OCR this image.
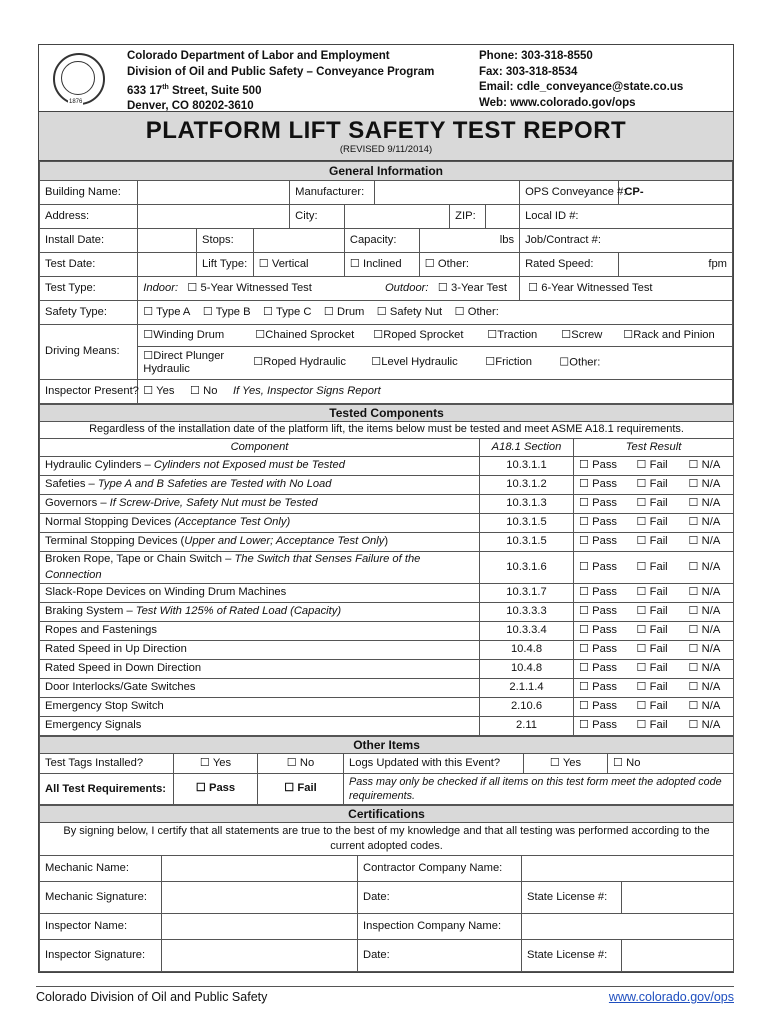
1876
Colorado Department of Labor and Employment
Division of Oil and Public Safety – Conveyance Program
633 17th Street, Suite 500
Denver, CO 80202-3610
Phone: 303-318-8550
Fax: 303-318-8534
Email: cdle_conveyance@state.co.us
Web: www.colorado.gov/ops
PLATFORM LIFT SAFETY TEST REPORT
(REVISED 9/11/2014)
General Information											
Building Name:				Manufacturer:						OPS Conveyance #:	CP-
Address:				City:				ZIP:		Local ID #:	
Install Date:		Stops:			Capacity:		lbs			Job/Contract #:	
Test Date:		Lift Type:	☐ Vertical		☐ Inclined		☐ Other:			Rated Speed:	fpm
Test Type:	Indoor: ☐ 5-Year Witnessed Test Outdoor: ☐ 3-Year Test ☐ 6-Year Witnessed Test										
Safety Type:	☐ Type A ☐ Type B ☐ Type C ☐ Drum ☐ Safety Nut ☐ Other:										
Driving Means:	☐Winding Drum ☐Chained Sprocket ☐Roped Sprocket ☐Traction ☐Screw ☐Rack and Pinion										
	☐Direct Plunger Hydraulic☐Roped Hydraulic ☐Level Hydraulic ☐Friction ☐Other:										
Inspector Present?	☐ Yes ☐ No If Yes, Inspector Signs Report										
Tested Components				
Regardless of the installation date of the platform lift, the items below must be tested and meet ASME A18.1 requirements.				
Component	A18.1 Section	Test Result		
Hydraulic Cylinders – Cylinders not Exposed must be Tested	10.3.1.1	☐ Pass	☐ Fail	☐ N/A
Safeties – Type A and B Safeties are Tested with No Load	10.3.1.2	☐ Pass	☐ Fail	☐ N/A
Governors – If Screw-Drive, Safety Nut must be Tested	10.3.1.3	☐ Pass	☐ Fail	☐ N/A
Normal Stopping Devices (Acceptance Test Only)	10.3.1.5	☐ Pass	☐ Fail	☐ N/A
Terminal Stopping Devices (Upper and Lower; Acceptance Test Only)	10.3.1.5	☐ Pass	☐ Fail	☐ N/A
Broken Rope, Tape or Chain Switch – The Switch that Senses Failure of the Connection	10.3.1.6	☐ Pass	☐ Fail	☐ N/A
Slack-Rope Devices on Winding Drum Machines	10.3.1.7	☐ Pass	☐ Fail	☐ N/A
Braking System – Test With 125% of Rated Load (Capacity)	10.3.3.3	☐ Pass	☐ Fail	☐ N/A
Ropes and Fastenings	10.3.3.4	☐ Pass	☐ Fail	☐ N/A
Rated Speed in Up Direction	10.4.8	☐ Pass	☐ Fail	☐ N/A
Rated Speed in Down Direction	10.4.8	☐ Pass	☐ Fail	☐ N/A
Door Interlocks/Gate Switches	2.1.1.4	☐ Pass	☐ Fail	☐ N/A
Emergency Stop Switch	2.10.6	☐ Pass	☐ Fail	☐ N/A
Emergency Signals	2.11	☐ Pass	☐ Fail	☐ N/A
Other Items					
Test Tags Installed?	☐ Yes	☐ No	Logs Updated with this Event?	☐ Yes	☐ No
All Test Requirements:	☐ Pass	☐ Fail	Pass may only be checked if all items on this test form meet the adopted code requirements.		
Certifications				
By signing below, I certify that all statements are true to the best of my knowledge and that all testing was performed according to the current adopted codes.				
Mechanic Name:		Contractor Company Name:		
Mechanic Signature:		Date:	State License #:	
Inspector Name:		Inspection Company Name:		
Inspector Signature:		Date:	State License #:	
Colorado Division of Oil and Public Safety	www.colorado.gov/ops
